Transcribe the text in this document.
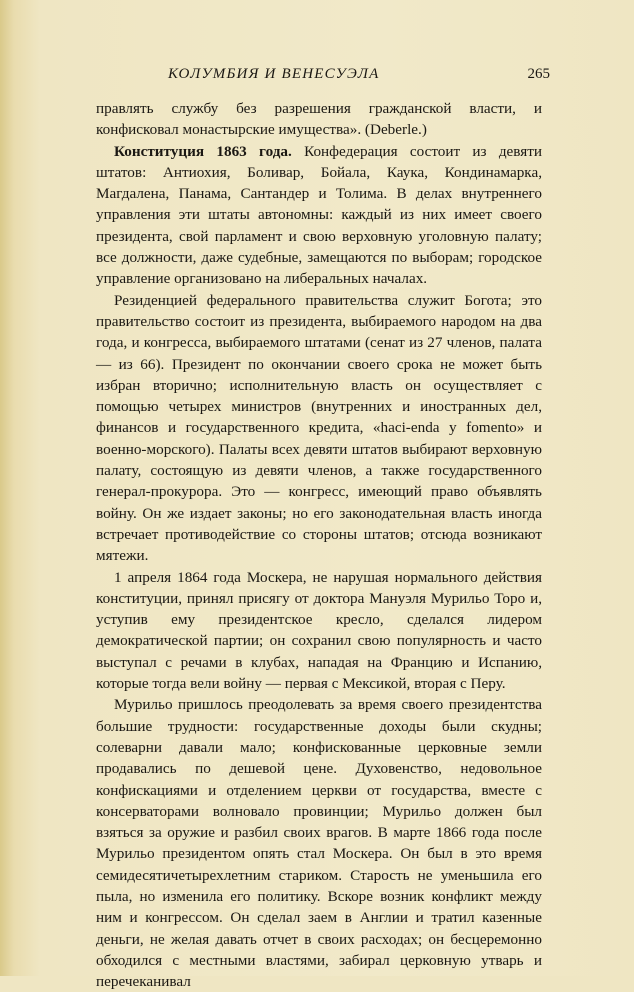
КОЛУМБИЯ И ВЕНЕСУЭЛА	265

правлять службу без разрешения гражданской власти, и конфисковал монастырские имущества». (Deberle.)

Конституция 1863 года. Конфедерация состоит из девяти штатов: Антиохия, Боливар, Бойала, Каука, Кондинамарка, Магдалена, Панама, Сантандер и Толима. В делах внутреннего управления эти штаты автономны: каждый из них имеет своего президента, свой парламент и свою верховную уголовную палату; все должности, даже судебные, замещаются по выборам; городское управление организовано на либеральных началах.

Резиденцией федерального правительства служит Богота; это правительство состоит из президента, выбираемого народом на два года, и конгресса, выбираемого штатами (сенат из 27 членов, палата — из 66). Президент по окончании своего срока не может быть избран вторично; исполнительную власть он осуществляет с помощью четырех министров (внутренних и иностранных дел, финансов и государственного кредита, «haci-enda y fomento» и военно-морского). Палаты всех девяти штатов выбирают верховную палату, состоящую из девяти членов, а также государственного генерал-прокурора. Это — конгресс, имеющий право объявлять войну. Он же издает законы; но его законодательная власть иногда встречает противодействие со стороны штатов; отсюда возникают мятежи.

1 апреля 1864 года Москера, не нарушая нормального действия конституции, принял присягу от доктора Мануэля Мурильо Торо и, уступив ему президентское кресло, сделался лидером демократической партии; он сохранил свою популярность и часто выступал с речами в клубах, нападая на Францию и Испанию, которые тогда вели войну — первая с Мексикой, вторая с Перу.

Мурильо пришлось преодолевать за время своего президентства большие трудности: государственные доходы были скудны; солеварни давали мало; конфискованные церковные земли продавались по дешевой цене. Духовенство, недовольное конфискациями и отделением церкви от государства, вместе с консерваторами волновало провинции; Мурильо должен был взяться за оружие и разбил своих врагов. В марте 1866 года после Мурильо президентом опять стал Москера. Он был в это время семидесятичетырехлетним стариком. Старость не уменьшила его пыла, но изменила его политику. Вскоре возник конфликт между ним и конгрессом. Он сделал заем в Англии и тратил казенные деньги, не желая давать отчет в своих расходах; он бесцеремонно обходился с местными властями, забирал церковную утварь и перечеканивал
